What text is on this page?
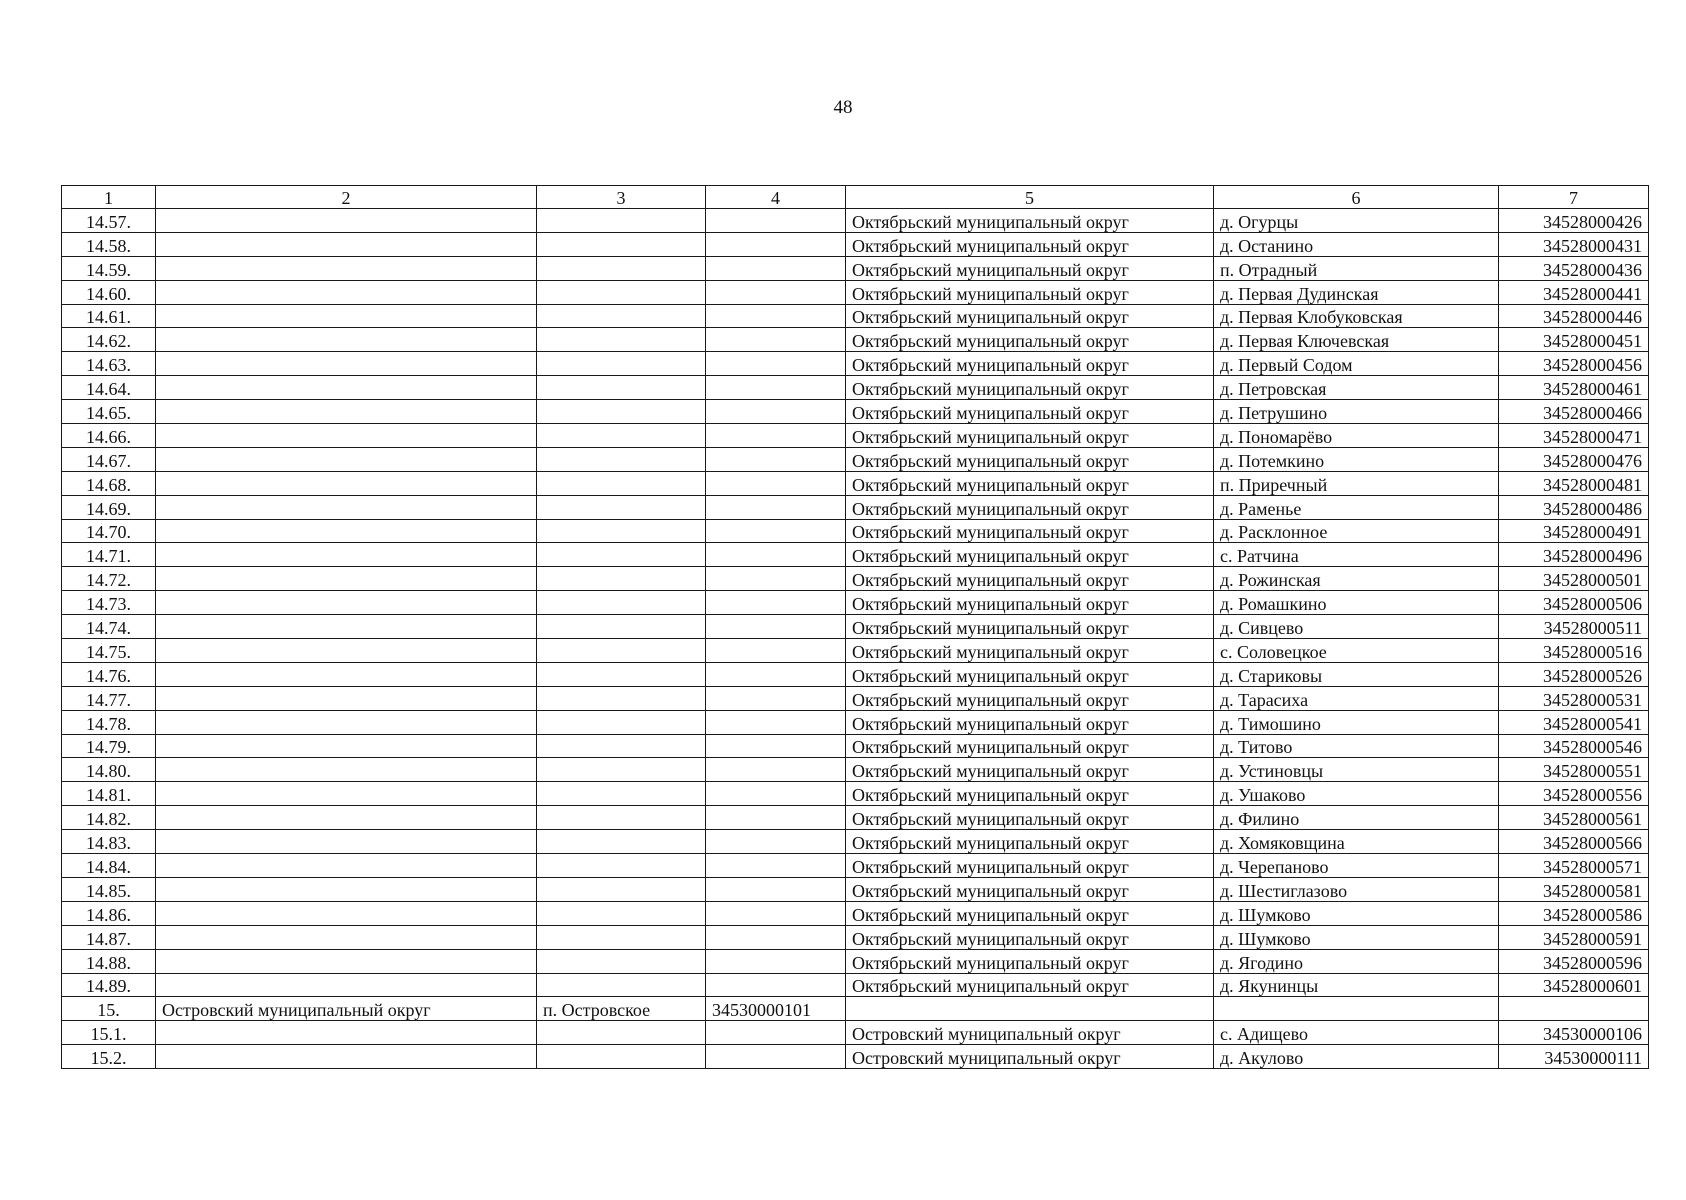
48
1	2	3	4	5	6	7
14.57.				Октябрьский муниципальный округ	д. Огурцы	34528000426
14.58.				Октябрьский муниципальный округ	д. Останино	34528000431
14.59.				Октябрьский муниципальный округ	п. Отрадный	34528000436
14.60.				Октябрьский муниципальный округ	д. Первая Дудинская	34528000441
14.61.				Октябрьский муниципальный округ	д. Первая Клобуковская	34528000446
14.62.				Октябрьский муниципальный округ	д. Первая Ключевская	34528000451
14.63.				Октябрьский муниципальный округ	д. Первый Содом	34528000456
14.64.				Октябрьский муниципальный округ	д. Петровская	34528000461
14.65.				Октябрьский муниципальный округ	д. Петрушино	34528000466
14.66.				Октябрьский муниципальный округ	д. Пономарёво	34528000471
14.67.				Октябрьский муниципальный округ	д. Потемкино	34528000476
14.68.				Октябрьский муниципальный округ	п. Приречный	34528000481
14.69.				Октябрьский муниципальный округ	д. Раменье	34528000486
14.70.				Октябрьский муниципальный округ	д. Расклонное	34528000491
14.71.				Октябрьский муниципальный округ	с. Ратчина	34528000496
14.72.				Октябрьский муниципальный округ	д. Рожинская	34528000501
14.73.				Октябрьский муниципальный округ	д. Ромашкино	34528000506
14.74.				Октябрьский муниципальный округ	д. Сивцево	34528000511
14.75.				Октябрьский муниципальный округ	с. Соловецкое	34528000516
14.76.				Октябрьский муниципальный округ	д. Стариковы	34528000526
14.77.				Октябрьский муниципальный округ	д. Тарасиха	34528000531
14.78.				Октябрьский муниципальный округ	д. Тимошино	34528000541
14.79.				Октябрьский муниципальный округ	д. Титово	34528000546
14.80.				Октябрьский муниципальный округ	д. Устиновцы	34528000551
14.81.				Октябрьский муниципальный округ	д. Ушаково	34528000556
14.82.				Октябрьский муниципальный округ	д. Филино	34528000561
14.83.				Октябрьский муниципальный округ	д. Хомяковщина	34528000566
14.84.				Октябрьский муниципальный округ	д. Черепаново	34528000571
14.85.				Октябрьский муниципальный округ	д. Шестиглазово	34528000581
14.86.				Октябрьский муниципальный округ	д. Шумково	34528000586
14.87.				Октябрьский муниципальный округ	д. Шумково	34528000591
14.88.				Октябрьский муниципальный округ	д. Ягодино	34528000596
14.89.				Октябрьский муниципальный округ	д. Якунинцы	34528000601
15.	Островский муниципальный округ	п. Островское	34530000101			
15.1.				Островский муниципальный округ	с. Адищево	34530000106
15.2.				Островский муниципальный округ	д. Акулово	34530000111
